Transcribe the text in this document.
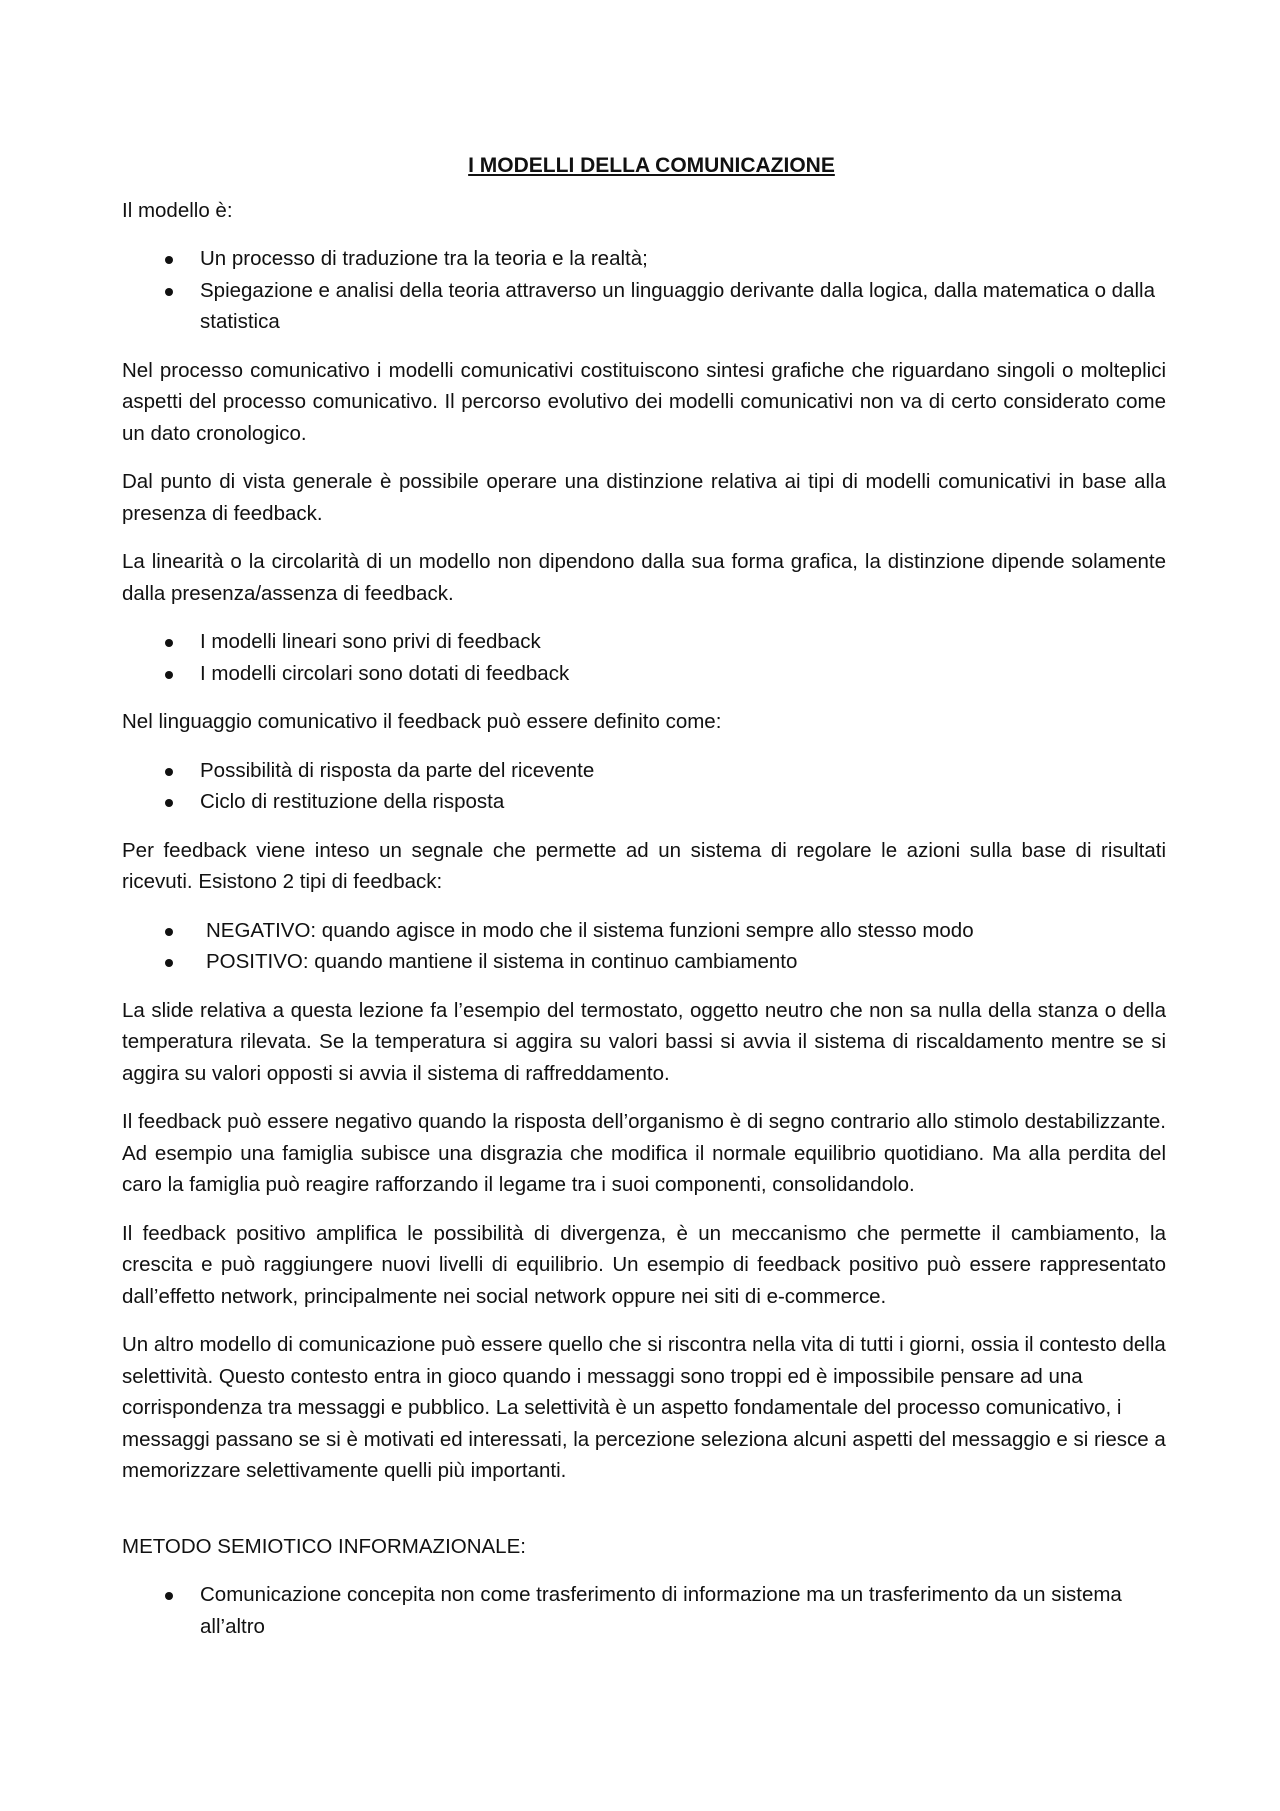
I MODELLI DELLA COMUNICAZIONE

Il modello è:

Un processo di traduzione tra la teoria e la realtà;
Spiegazione e analisi della teoria attraverso un linguaggio derivante dalla logica, dalla matematica o dalla statistica

Nel processo comunicativo i modelli comunicativi costituiscono sintesi grafiche che riguardano singoli o molteplici aspetti del processo comunicativo. Il percorso evolutivo dei modelli comunicativi non va di certo considerato come un dato cronologico.

Dal punto di vista generale è possibile operare una distinzione relativa ai tipi di modelli comunicativi in base alla presenza di feedback.

La linearità o la circolarità di un modello non dipendono dalla sua forma grafica, la distinzione dipende solamente dalla presenza/assenza di feedback.

I modelli lineari sono privi di feedback
I modelli circolari sono dotati di feedback

Nel linguaggio comunicativo il feedback può essere definito come:

Possibilità di risposta da parte del ricevente
Ciclo di restituzione della risposta

Per feedback viene inteso un segnale che permette ad un sistema di regolare le azioni sulla base di risultati ricevuti. Esistono 2 tipi di feedback:

NEGATIVO: quando agisce in modo che il sistema funzioni sempre allo stesso modo
POSITIVO: quando mantiene il sistema in continuo cambiamento

La slide relativa a questa lezione fa l’esempio del termostato, oggetto neutro che non sa nulla della stanza o della temperatura rilevata. Se la temperatura si aggira su valori bassi si avvia il sistema di riscaldamento mentre se si aggira su valori opposti si avvia il sistema di raffreddamento.

Il feedback può essere negativo quando la risposta dell’organismo è di segno contrario allo stimolo destabilizzante. Ad esempio una famiglia subisce una disgrazia che modifica il normale equilibrio quotidiano. Ma alla perdita del caro la famiglia può reagire rafforzando il legame tra i suoi componenti, consolidandolo.

Il feedback positivo amplifica le possibilità di divergenza, è un meccanismo che permette il cambiamento, la crescita e può raggiungere nuovi livelli di equilibrio. Un esempio di feedback positivo può essere rappresentato dall’effetto network, principalmente nei social network oppure nei siti di e-commerce.

Un altro modello di comunicazione può essere quello che si riscontra nella vita di tutti i giorni, ossia il contesto della selettività. Questo contesto entra in gioco quando i messaggi sono troppi ed è impossibile pensare ad una corrispondenza tra messaggi e pubblico. La selettività è un aspetto fondamentale del processo comunicativo, i messaggi passano se si è motivati ed interessati, la percezione seleziona alcuni aspetti del messaggio e si riesce a memorizzare selettivamente quelli più importanti.

METODO SEMIOTICO INFORMAZIONALE:

Comunicazione concepita non come trasferimento di informazione ma un trasferimento da un sistema all’altro
